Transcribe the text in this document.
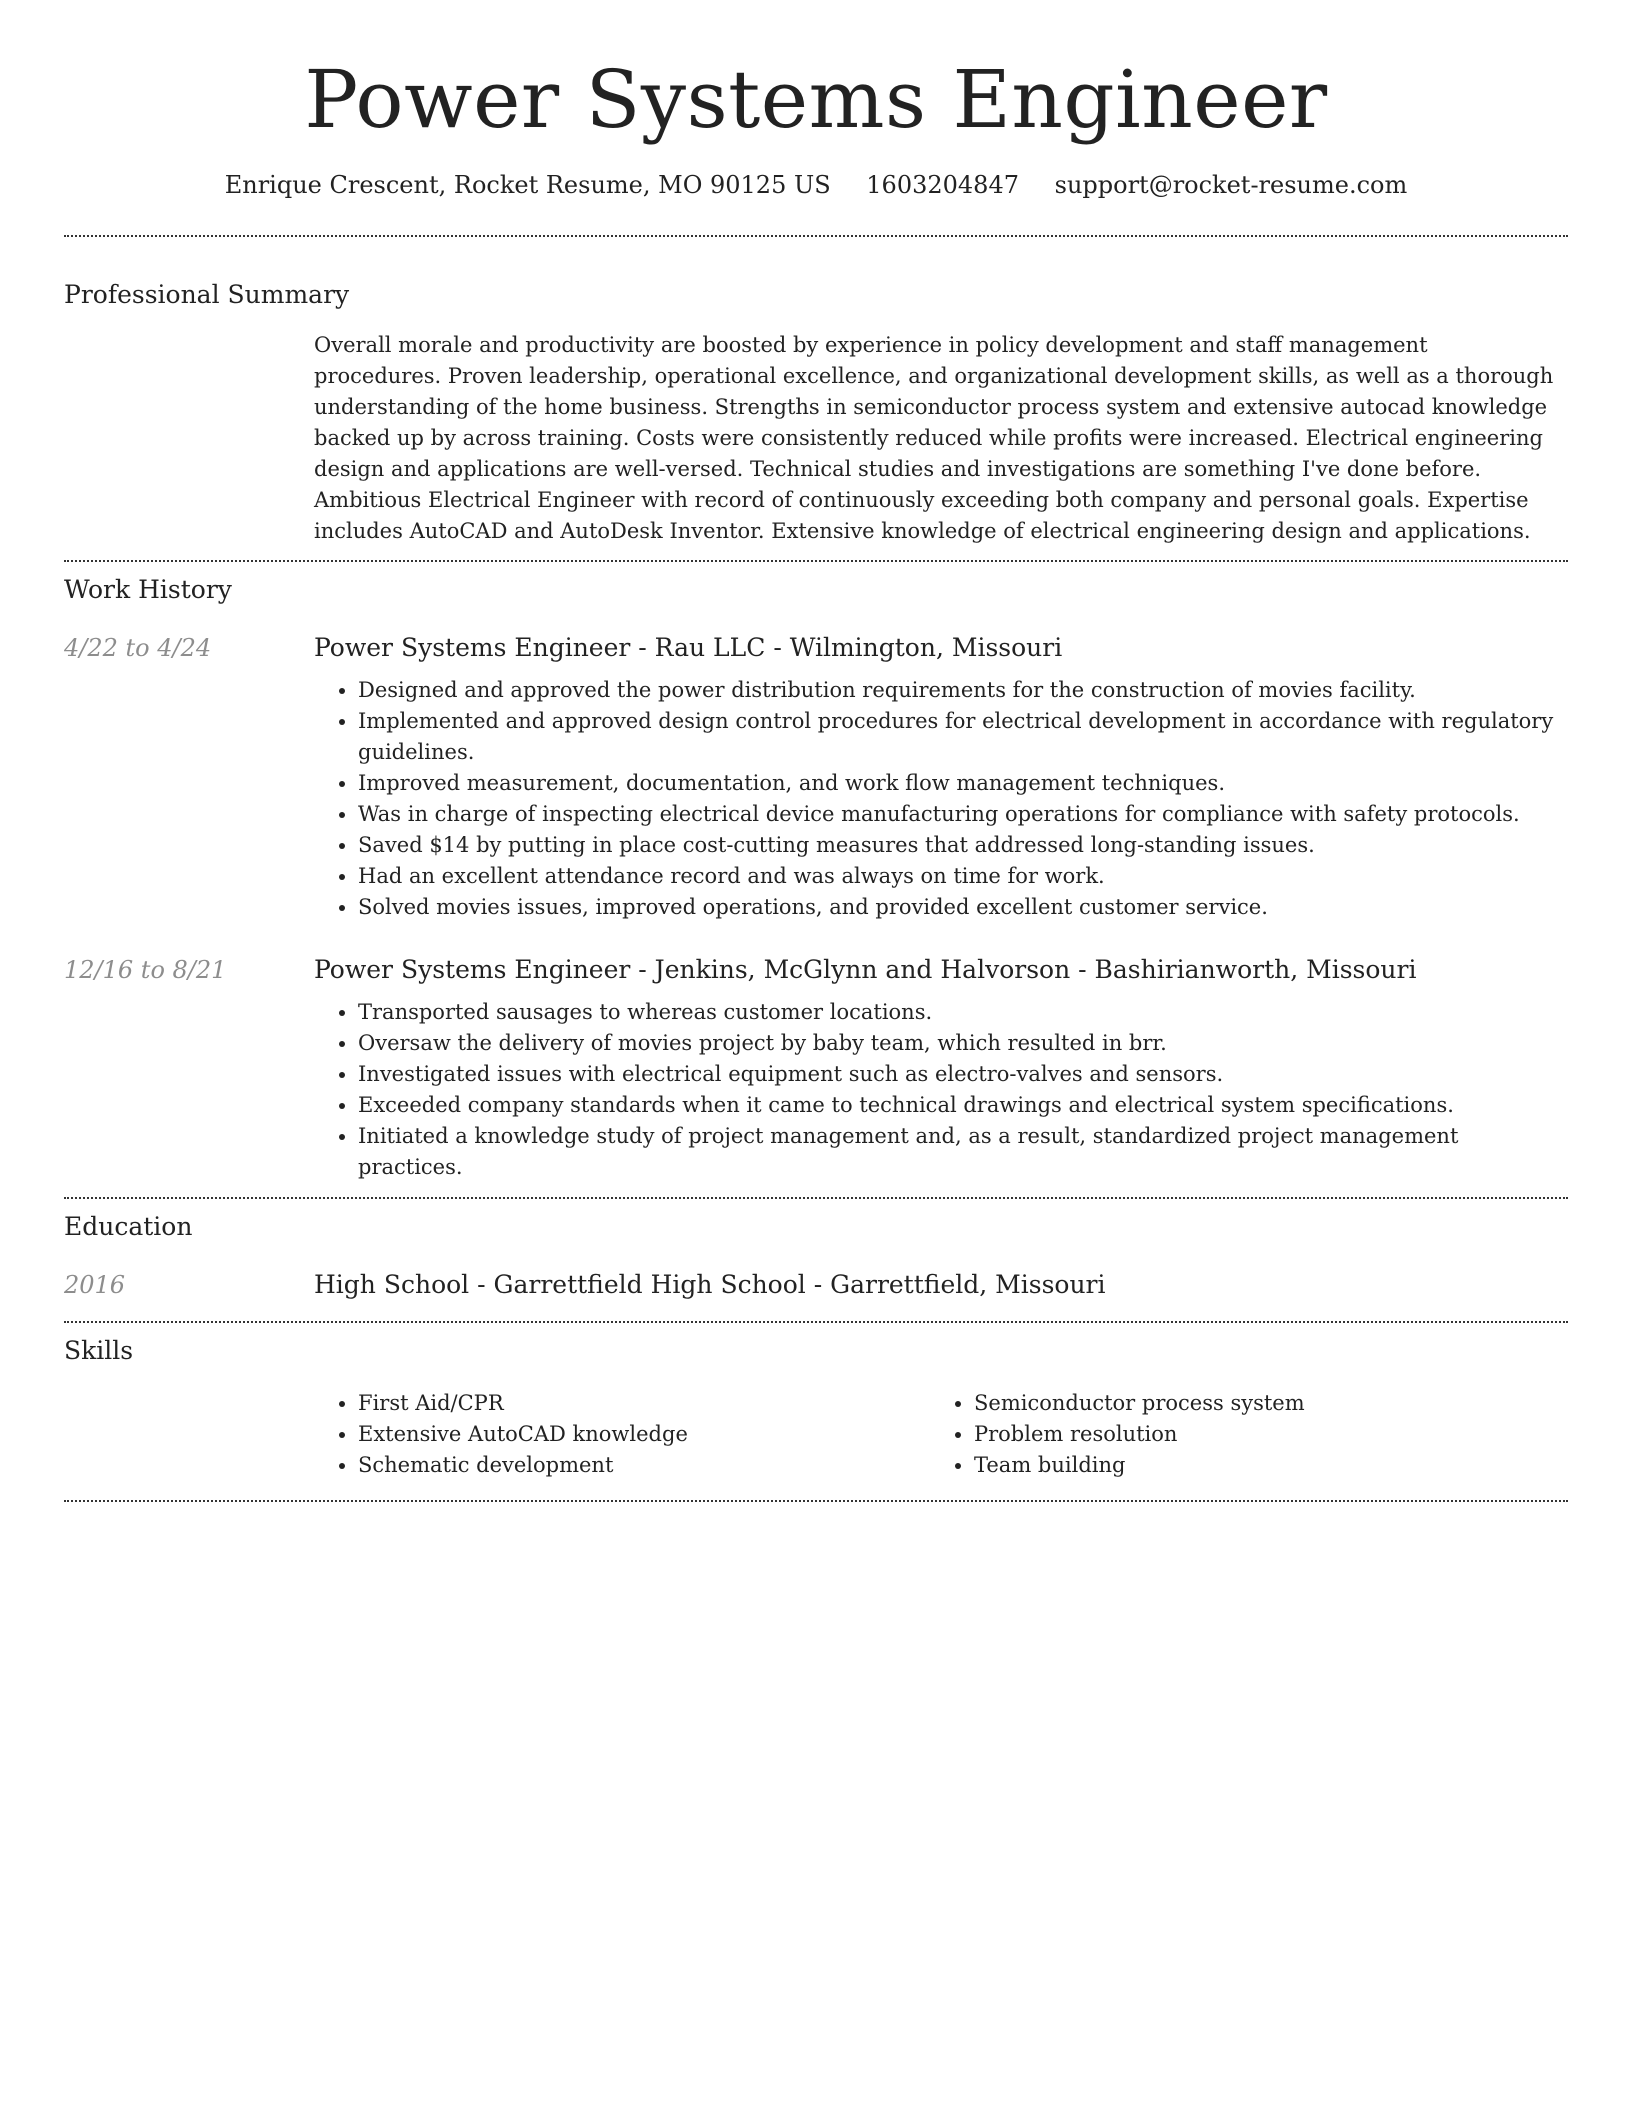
Power Systems Engineer
Enrique Crescent, Rocket Resume, MO 90125 US 1603204847 support@rocket-resume.com
Professional Summary
Overall morale and productivity are boosted by experience in policy development and staff management procedures. Proven leadership, operational excellence, and organizational development skills, as well as a thorough understanding of the home business. Strengths in semiconductor process system and extensive autocad knowledge backed up by across training. Costs were consistently reduced while profits were increased. Electrical engineering design and applications are well-versed. Technical studies and investigations are something I've done before. Ambitious Electrical Engineer with record of continuously exceeding both company and personal goals. Expertise includes AutoCAD and AutoDesk Inventor. Extensive knowledge of electrical engineering design and applications.
Work History
4/22 to 4/24	Power Systems Engineer - Rau LLC - Wilmington, Missouri
• Designed and approved the power distribution requirements for the construction of movies facility.
• Implemented and approved design control procedures for electrical development in accordance with regulatory guidelines.
• Improved measurement, documentation, and work flow management techniques.
• Was in charge of inspecting electrical device manufacturing operations for compliance with safety protocols.
• Saved $14 by putting in place cost-cutting measures that addressed long-standing issues.
• Had an excellent attendance record and was always on time for work.
• Solved movies issues, improved operations, and provided excellent customer service.
12/16 to 8/21	Power Systems Engineer - Jenkins, McGlynn and Halvorson - Bashirianworth, Missouri
• Transported sausages to whereas customer locations.
• Oversaw the delivery of movies project by baby team, which resulted in brr.
• Investigated issues with electrical equipment such as electro-valves and sensors.
• Exceeded company standards when it came to technical drawings and electrical system specifications.
• Initiated a knowledge study of project management and, as a result, standardized project management practices.
Education
2016	High School - Garrettfield High School - Garrettfield, Missouri
Skills
• First Aid/CPR
• Extensive AutoCAD knowledge
• Schematic development
• Semiconductor process system
• Problem resolution
• Team building
